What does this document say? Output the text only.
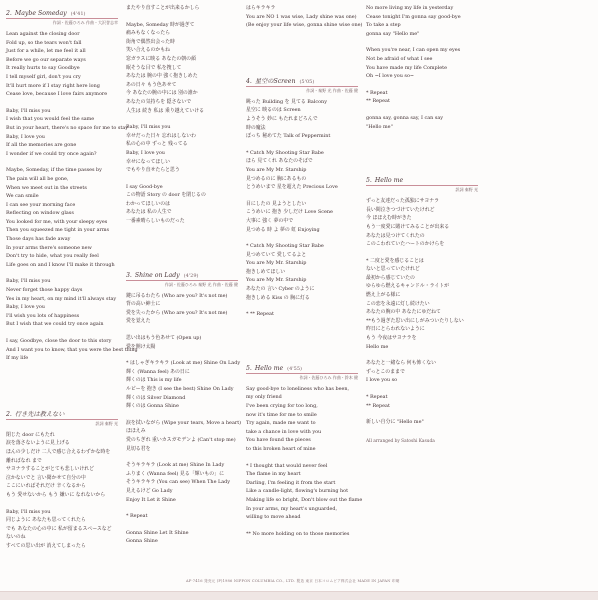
2. Maybe Someday (4'41)
作詞・佐藤ひろみ 作曲・大沢誉志幸
Lean against the closing door
Fold up, so the tears won't fall
Just for a while, let me feel it all
Before we go our separate ways
It really hurts to say Goodbye
I tell myself girl, don't you cry
It'll hurt more if I stay right here long
Cease love, because I love fairs anymore
Baby, I'll miss you
I wish that you would feel the same
But in your heart, there's no space for me to stay
Baby, I love you
If all the memories are gone
I wonder if we could try once again?
Maybe, Someday, if the time passes by
The pain will all be gone,
When we meet out in the streets
We can smile
I can see your morning face
Reflecting on window glass
You looked for me, with your sleepy eyes
Then you squeezed me tight in your arms
Those days has fade away
In your arms there's someone new
Don't try to hide, what you really feel
Life goes on and I know I'll make it through
Baby, I'll miss you
Never forget those happy days
Yes in my heart, on my mind it'll always stay
Baby, I love you
I'll wish you lots of happiness
But I wish that we could try once again
I say, Goodbye, close the door to this story
And I want you to know, that you were the best thing
If my life
2. 行き先は教えない
訳詞 秦野 光
閉じた door にもたれ
涙を落さないように見上げる
ほんの少しだけ 二人で感じ合えるわずかな時を
離ればなれ まで
サヨナラすることがとても悲しいけれど
泣かないでと 言い聞かせて自分の中
ここにいればそれだけ 辛くなるから
もう 愛せないから もう 嫌いに なれないから
Baby, I'll miss you
同じように あなたも思ってくれたら
でも あなたの心の中に 私が留まるスペースなど
ないのね
すべての思い出が 消えてしまったら
またやり直すことが出来るかしら
Maybe, Someday 時が過ぎて
痛みもなくなったら
街角で偶然出会った時
笑い合えるのかもね
窓ガラスに映る あなたの朝の顔
眠そうな目で 私を捜して
あなたは 腕の中 強く抱きしめた
あの日々 もう色あせて
今 あなたの腕の中には 別の誰か
あなたの気持ちを 隠さないで
人生は 続き 私は 乗り越えていける
Baby, I'll miss you
幸せだった日々 忘れはしないわ
私の心の中 ずっと 残ってる
Baby, I love you
幸せになってほしい
でもやり直せたらと思う
I say Good-bye
この物語 Story の door を閉じるの
わかってほしいのは
あなたは 私の人生で
一番素晴らしいものだった
3. Shine on Lady (4'29)
作詞・佐藤ひろみ 秦野 光 作曲・佐藤 健
鍵に吊るわたち (Who are you? It's not me)
背の高い紳士に
愛を失ったから (Who are you? It's not me)
愛を覚えた
思い出はもう色あせて (Open up)
愛を開け太陽
* はしゃぎキラキラ (Look at me) Shine On Lady
輝く (Wanna feel) あの日に
輝くのは This is my life
ルビーを 抱き (I see the best) Shine On Lady
輝くのは Silver Diamond
輝くのは Gonna Shine
涙を拭いながら (Wipe your tears, Move a heart)
ほほえみ
愛のちぎれ 重いカスガモデンよ (Can't stop me)
見切る君を
そうキラキラ (Look at me) Shine In Lady
ふりまく (Wanna feel) 見る「輝いもの」に
そうキラキラ (You can see) When The Lady
見えるけど Go Lady
Enjoy It Let it Shine
* Repeat
Gonna Shine Let It Shine
Gonna Shine
はらキラキラ
You are NO 1 was wise, Lady shine was one)
(Be enjoy your life wise, gonna shine wise one)
4. 星空のScreen (5'05)
作詞・秦野 光 作曲・佐藤 健
眺った Building を 見てる Balcony
星空に 映るのは Screen
ようそう 妙に もたれまどろんで
時の魔法
ぼっち 秘めてた Talk of Peppermint
* Catch My Shooting Star Babe
ほら 見てくれ あなたのそばで
You are My Mr. Starship
見つめるのに 胸にあるもの
とうめいまで 星を超えた Precious Love
目にしたの 見ようとしたい
こうめいに 抱き 少しだけ Love Scene
大事に 強く 夢の中で
見つめる 時 よ 夢の 虹 Enjoying
* Catch My Shooting Star Babe
見つめていて 愛してるよと
You are My Mr. Starship
抱きしめてほしい
You are My Mr. Starship
あなたの 言い Cyber のように
抱きしめる Kiss の 胸に灯る
* ** Repeat
5. Hello me (4'55)
作詞・佐藤ひろみ 作曲・鈴木 健
Say good-bye to loneliness who has been,
my only friend
I've been crying for too long,
now it's time for me to smile
Try again, made me want to
take a chance in love with you
You have found the pieces
to this broken heart of mine
* I thought that would never feel
The flame in my heart
Darling, I'm feeling it from the start
Like a candle-light, flowing's burning hot
Making life so bright, Don't blow out the flame
In your arms, my heart's unguarded,
willing to move ahead
** No more holding on to those memories
No more living my life in yesterday
Cease tonight I'm gonna say good-bye
To take a step
gonna say "Hello me"
When you're near, I can open my eyes
Not be afraid of what I see
You have made my life Complete
Oh ~I love you so~
* Repeat
** Repeat
gonna say, gonna say, I can say
"Hello me"
5. Hello me
訳詞 秦野 光
ずっと友達だった孤独にサヨナラ
長い間泣きつづけていたけれど
今 ほほえむ時がきた
もう一度愛に賭けてみることが出来る
あなたは見つけてくれたの
このこわれていたハートのかけらを
* 二度と愛を感じることは
ないと思っていたけれど
最初から感じていたの
ゆらゆら燃えるキャンドル・ライトが
燃え上がる様に
この恋を永遠に灯し続けたい
あなたの腕の中 あなたにゆだねて
**もう過ぎた思い出にしがみついたりしない
昨日にとらわれないように
もう 今夜はサヨナラを
Hello me
あなたと一緒なら 何も怖くない
ずっとこのままで
I love you so
* Repeat
** Repeat
新しい自分に "Hello me"
All arranged by Satoshi Kasuda
AF-7416 発売元 (P)1986 NIPPON COLUMBIA CO., LTD. 製造 東京 日本コロムビア株式会社 MADE IN JAPAN 印刷
